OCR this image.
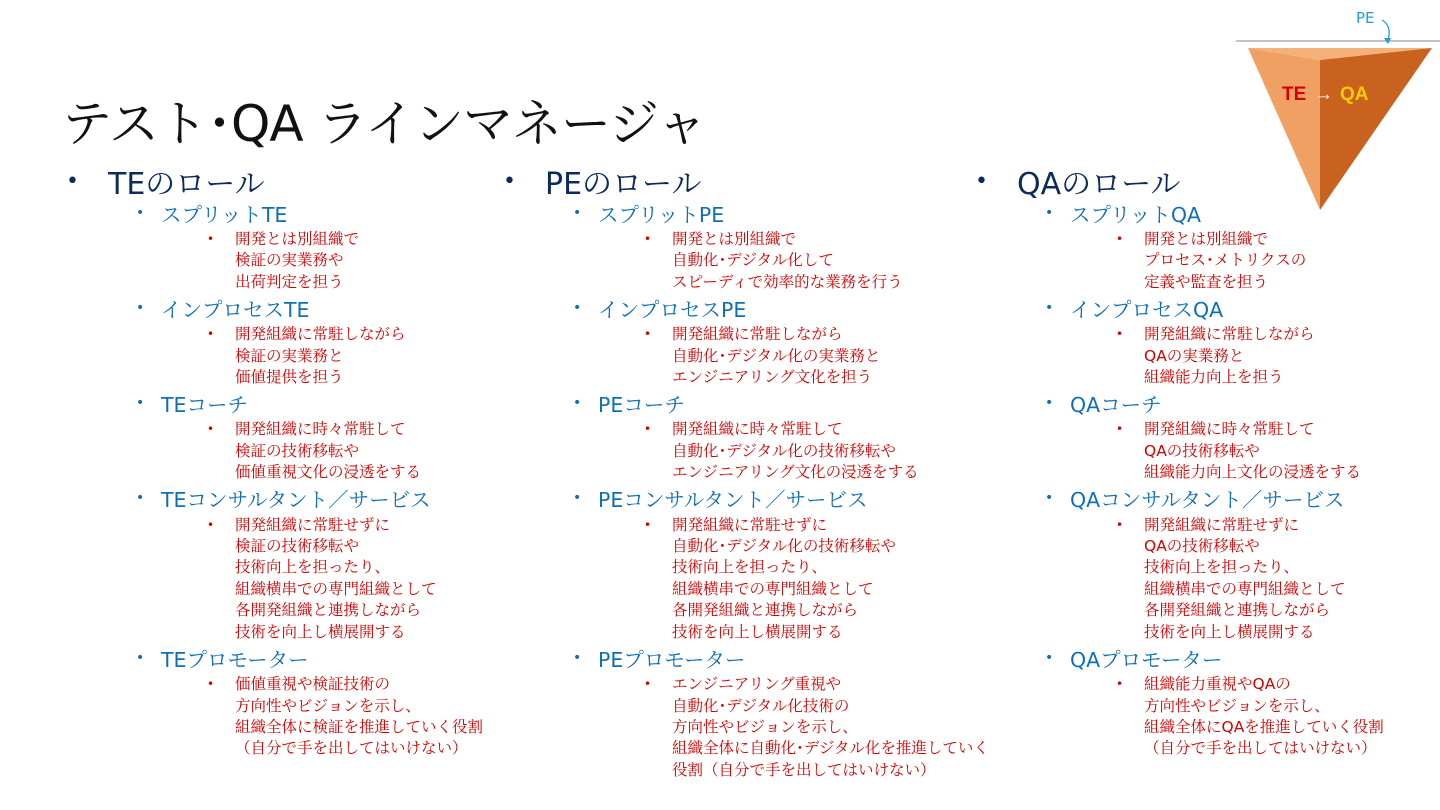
テスト･QA ラインマネージャ
PE
TE → QA
• TEのロール
• スプリットTE
• 開発とは別組織で
検証の実業務や
出荷判定を担う
• インプロセスTE
• 開発組織に常駐しながら
検証の実業務と
価値提供を担う
• TEコーチ
• 開発組織に時々常駐して
検証の技術移転や
価値重視文化の浸透をする
• TEコンサルタント／サービス
• 開発組織に常駐せずに
検証の技術移転や
技術向上を担ったり、
組織横串での専門組織として
各開発組織と連携しながら
技術を向上し横展開する
• TEプロモーター
• 価値重視や検証技術の
方向性やビジョンを示し、
組織全体に検証を推進していく役割
（自分で手を出してはいけない）
• PEのロール
• スプリットPE
• 開発とは別組織で
自動化･デジタル化して
スピーディで効率的な業務を行う
• インプロセスPE
• 開発組織に常駐しながら
自動化･デジタル化の実業務と
エンジニアリング文化を担う
• PEコーチ
• 開発組織に時々常駐して
自動化･デジタル化の技術移転や
エンジニアリング文化の浸透をする
• PEコンサルタント／サービス
• 開発組織に常駐せずに
自動化･デジタル化の技術移転や
技術向上を担ったり、
組織横串での専門組織として
各開発組織と連携しながら
技術を向上し横展開する
• PEプロモーター
• エンジニアリング重視や
自動化･デジタル化技術の
方向性やビジョンを示し、
組織全体に自動化･デジタル化を推進していく
役割（自分で手を出してはいけない）
• QAのロール
• スプリットQA
• 開発とは別組織で
プロセス･メトリクスの
定義や監査を担う
• インプロセスQA
• 開発組織に常駐しながら
QAの実業務と
組織能力向上を担う
• QAコーチ
• 開発組織に時々常駐して
QAの技術移転や
組織能力向上文化の浸透をする
• QAコンサルタント／サービス
• 開発組織に常駐せずに
QAの技術移転や
技術向上を担ったり、
組織横串での専門組織として
各開発組織と連携しながら
技術を向上し横展開する
• QAプロモーター
• 組織能力重視やQAの
方向性やビジョンを示し、
組織全体にQAを推進していく役割
（自分で手を出してはいけない）
